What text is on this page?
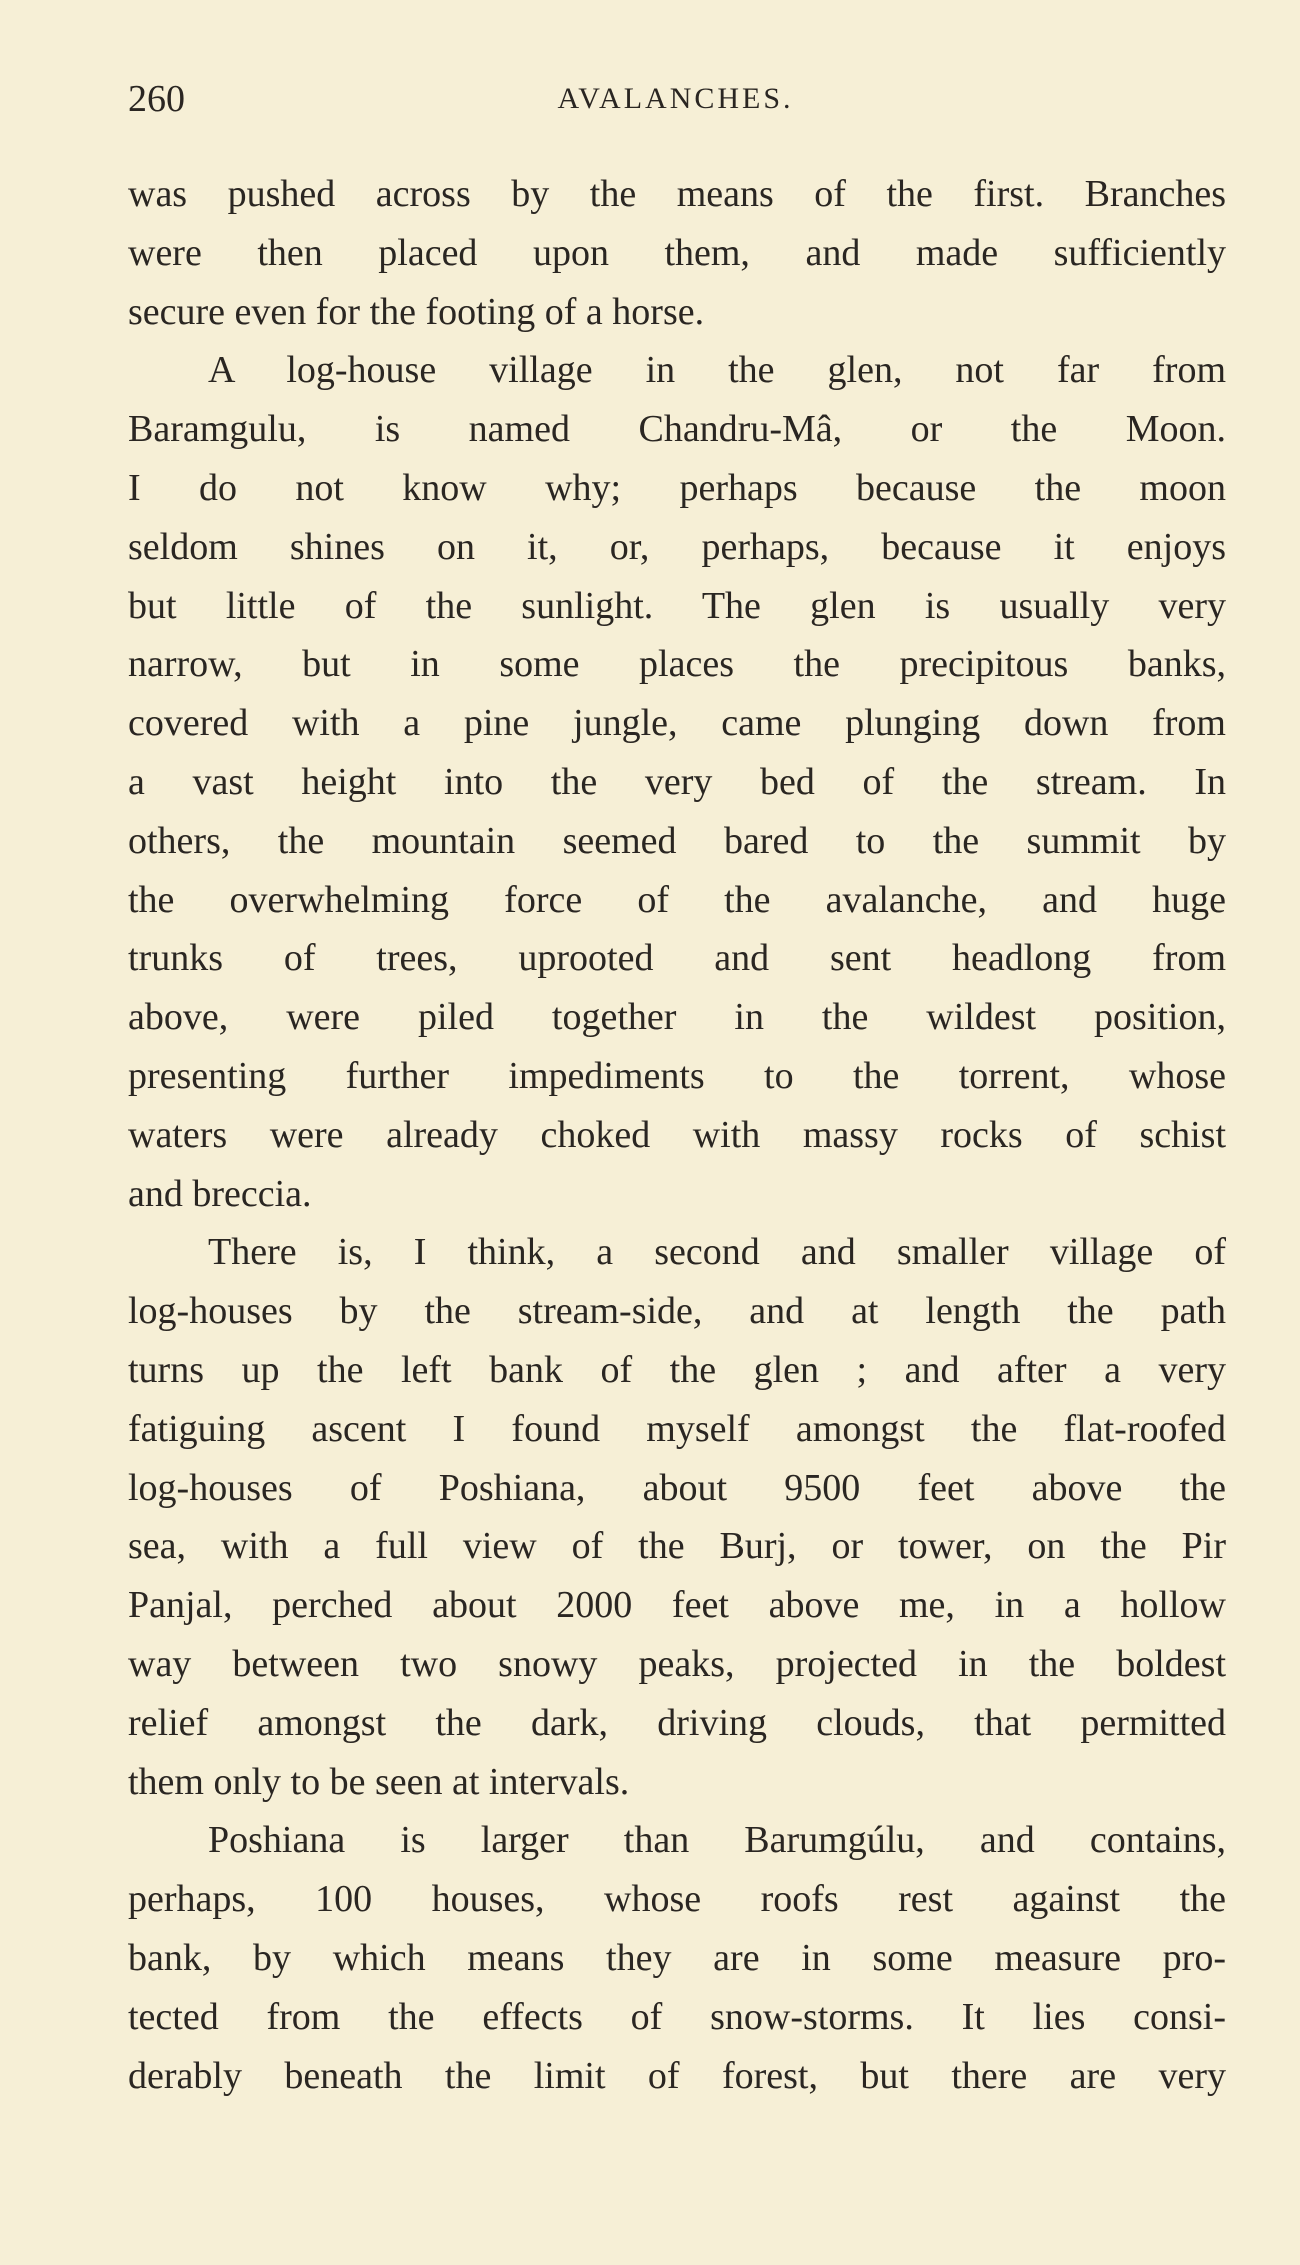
260	AVALANCHES.
was pushed across by the means of the first. Branches
were then placed upon them, and made sufficiently
secure even for the footing of a horse.
A log-house village in the glen, not far from
Baramgulu, is named Chandru-Mâ, or the Moon.
I do not know why; perhaps because the moon
seldom shines on it, or, perhaps, because it enjoys
but little of the sunlight. The glen is usually very
narrow, but in some places the precipitous banks,
covered with a pine jungle, came plunging down from
a vast height into the very bed of the stream. In
others, the mountain seemed bared to the summit by
the overwhelming force of the avalanche, and huge
trunks of trees, uprooted and sent headlong from
above, were piled together in the wildest position,
presenting further impediments to the torrent, whose
waters were already choked with massy rocks of schist
and breccia.
There is, I think, a second and smaller village of
log-houses by the stream-side, and at length the path
turns up the left bank of the glen ; and after a very
fatiguing ascent I found myself amongst the flat-roofed
log-houses of Poshiana, about 9500 feet above the
sea, with a full view of the Burj, or tower, on the Pir
Panjal, perched about 2000 feet above me, in a hollow
way between two snowy peaks, projected in the boldest
relief amongst the dark, driving clouds, that permitted
them only to be seen at intervals.
Poshiana is larger than Barumgúlu, and contains,
perhaps, 100 houses, whose roofs rest against the
bank, by which means they are in some measure pro-
tected from the effects of snow-storms. It lies consi-
derably beneath the limit of forest, but there are very
